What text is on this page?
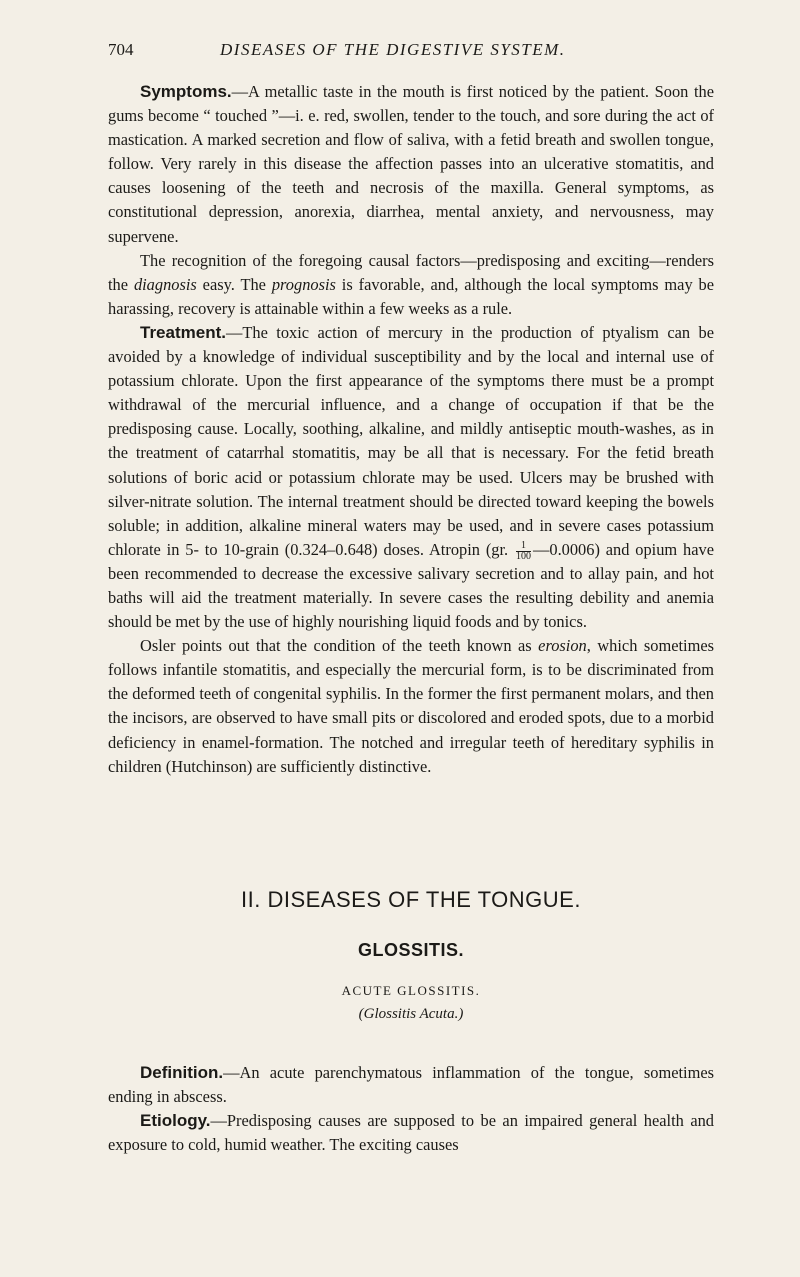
704	DISEASES OF THE DIGESTIVE SYSTEM.

Symptoms.—A metallic taste in the mouth is first noticed by the patient. Soon the gums become “ touched ”—i. e. red, swollen, tender to the touch, and sore during the act of mastication. A marked secretion and flow of saliva, with a fetid breath and swollen tongue, follow. Very rarely in this disease the affection passes into an ulcerative stomatitis, and causes loosening of the teeth and necrosis of the maxilla. General symptoms, as constitutional depression, anorexia, diarrhea, mental anxiety, and nervousness, may supervene.

The recognition of the foregoing causal factors—predisposing and exciting—renders the diagnosis easy. The prognosis is favorable, and, although the local symptoms may be harassing, recovery is attainable within a few weeks as a rule.

Treatment.—The toxic action of mercury in the production of ptyalism can be avoided by a knowledge of individual susceptibility and by the local and internal use of potassium chlorate. Upon the first appearance of the symptoms there must be a prompt withdrawal of the mercurial influence, and a change of occupation if that be the predisposing cause. Locally, soothing, alkaline, and mildly antiseptic mouth-washes, as in the treatment of catarrhal stomatitis, may be all that is necessary. For the fetid breath solutions of boric acid or potassium chlorate may be used. Ulcers may be brushed with silver-nitrate solution. The internal treatment should be directed toward keeping the bowels soluble; in addition, alkaline mineral waters may be used, and in severe cases potassium chlorate in 5- to 10-grain (0.324–0.648) doses. Atropin (gr. $\frac{1}{100}$ —0.0006) and opium have been recommended to decrease the excessive salivary secretion and to allay pain, and hot baths will aid the treatment materially. In severe cases the resulting debility and anemia should be met by the use of highly nourishing liquid foods and by tonics.

Osler points out that the condition of the teeth known as erosion, which sometimes follows infantile stomatitis, and especially the mercurial form, is to be discriminated from the deformed teeth of congenital syphilis. In the former the first permanent molars, and then the incisors, are observed to have small pits or discolored and eroded spots, due to a morbid deficiency in enamel-formation. The notched and irregular teeth of hereditary syphilis in children (Hutchinson) are sufficiently distinctive.

II. DISEASES OF THE TONGUE.
GLOSSITIS.
ACUTE GLOSSITIS.
(Glossitis Acuta.)

Definition.—An acute parenchymatous inflammation of the tongue, sometimes ending in abscess.

Etiology.—Predisposing causes are supposed to be an impaired general health and exposure to cold, humid weather. The exciting causes
